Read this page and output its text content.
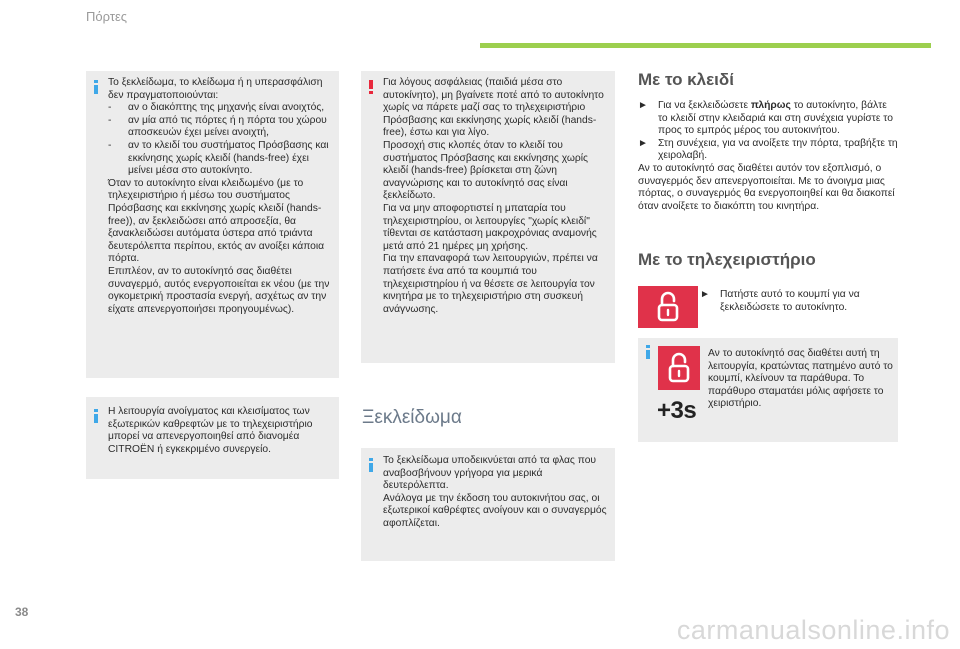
Πόρτες

Το ξεκλείδωμα, το κλείδωμα ή η υπερασφάλιση δεν πραγματοποιούνται:

- αν ο διακόπτης της μηχανής είναι ανοιχτός,
- αν μία από τις πόρτες ή η πόρτα του χώρου αποσκευών έχει μείνει ανοιχτή,
- αν το κλειδί του συστήματος Πρόσβασης και εκκίνησης χωρίς κλειδί (hands-free) έχει μείνει μέσα στο αυτοκίνητο.

Όταν το αυτοκίνητο είναι κλειδωμένο (με το τηλεχειριστήριο ή μέσω του συστήματος Πρόσβασης και εκκίνησης χωρίς κλειδί (hands-free)), αν ξεκλειδώσει από απροσεξία, θα ξανακλειδώσει αυτόματα ύστερα από τριάντα δευτερόλεπτα περίπου, εκτός αν ανοίξει κάποια πόρτα.

Επιπλέον, αν το αυτοκίνητό σας διαθέτει συναγερμό, αυτός ενεργοποιείται εκ νέου (με την ογκομετρική προστασία ενεργή, ασχέτως αν την είχατε απενεργοποιήσει προηγουμένως).

Η λειτουργία ανοίγματος και κλεισίματος των εξωτερικών καθρεφτών με το τηλεχειριστήριο μπορεί να απενεργοποιηθεί από διανομέα CITROËN ή εγκεκριμένο συνεργείο.

Για λόγους ασφάλειας (παιδιά μέσα στο αυτοκίνητο), μη βγαίνετε ποτέ από το αυτοκίνητο χωρίς να πάρετε μαζί σας το τηλεχειριστήριο Πρόσβασης και εκκίνησης χωρίς κλειδί (hands-free), έστω και για λίγο.

Προσοχή στις κλοπές όταν το κλειδί του συστήματος Πρόσβασης και εκκίνησης χωρίς κλειδί (hands-free) βρίσκεται στη ζώνη αναγνώρισης και το αυτοκίνητό σας είναι ξεκλείδωτο.

Για να μην αποφορτιστεί η μπαταρία του τηλεχειριστηρίου, οι λειτουργίες "χωρίς κλειδί" τίθενται σε κατάσταση μακροχρόνιας αναμονής μετά από 21 ημέρες μη χρήσης.

Για την επαναφορά των λειτουργιών, πρέπει να πατήσετε ένα από τα κουμπιά του τηλεχειριστηρίου ή να θέσετε σε λειτουργία τον κινητήρα με το τηλεχειριστήριο στη συσκευή ανάγνωσης.

Ξεκλείδωμα

Το ξεκλείδωμα υποδεικνύεται από τα φλας που αναβοσβήνουν γρήγορα για μερικά δευτερόλεπτα.

Ανάλογα με την έκδοση του αυτοκινήτου σας, οι εξωτερικοί καθρέφτες ανοίγουν και ο συναγερμός αφοπλίζεται.

Με το κλειδί
► Για να ξεκλειδώσετε πλήρως το αυτοκίνητο, βάλτε το κλειδί στην κλειδαριά και στη συνέχεια γυρίστε το προς το εμπρός μέρος του αυτοκινήτου.
► Στη συνέχεια, για να ανοίξετε την πόρτα, τραβήξτε τη χειρολαβή.

Αν το αυτοκίνητό σας διαθέτει αυτόν τον εξοπλισμό, ο συναγερμός δεν απενεργοποιείται. Με το άνοιγμα μιας πόρτας, ο συναγερμός θα ενεργοποιηθεί και θα διακοπεί όταν ανοίξετε το διακόπτη του κινητήρα.

Με το τηλεχειριστήριο
► Πατήστε αυτό το κουμπί για να ξεκλειδώσετε το αυτοκίνητο.
+3s
Αν το αυτοκίνητό σας διαθέτει αυτή τη λειτουργία, κρατώντας πατημένο αυτό το κουμπί, κλείνουν τα παράθυρα. Το παράθυρο σταματάει μόλις αφήσετε το χειριστήριο.
38
carmanualsonline.info
